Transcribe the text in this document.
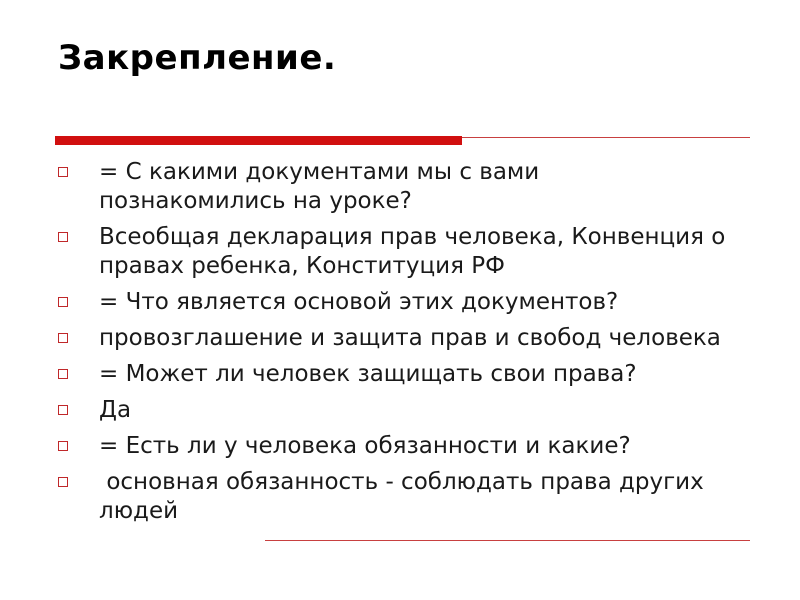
Закрепление.
= С какими документами мы с вами познакомились на уроке?
Всеобщая декларация прав человека, Конвенция о правах ребенка, Конституция РФ
= Что является основой этих документов?
провозглашение и защита прав и свобод человека
= Может ли человек защищать свои права?
Да
= Есть ли у человека обязанности и какие?
основная обязанность - соблюдать права других людей
